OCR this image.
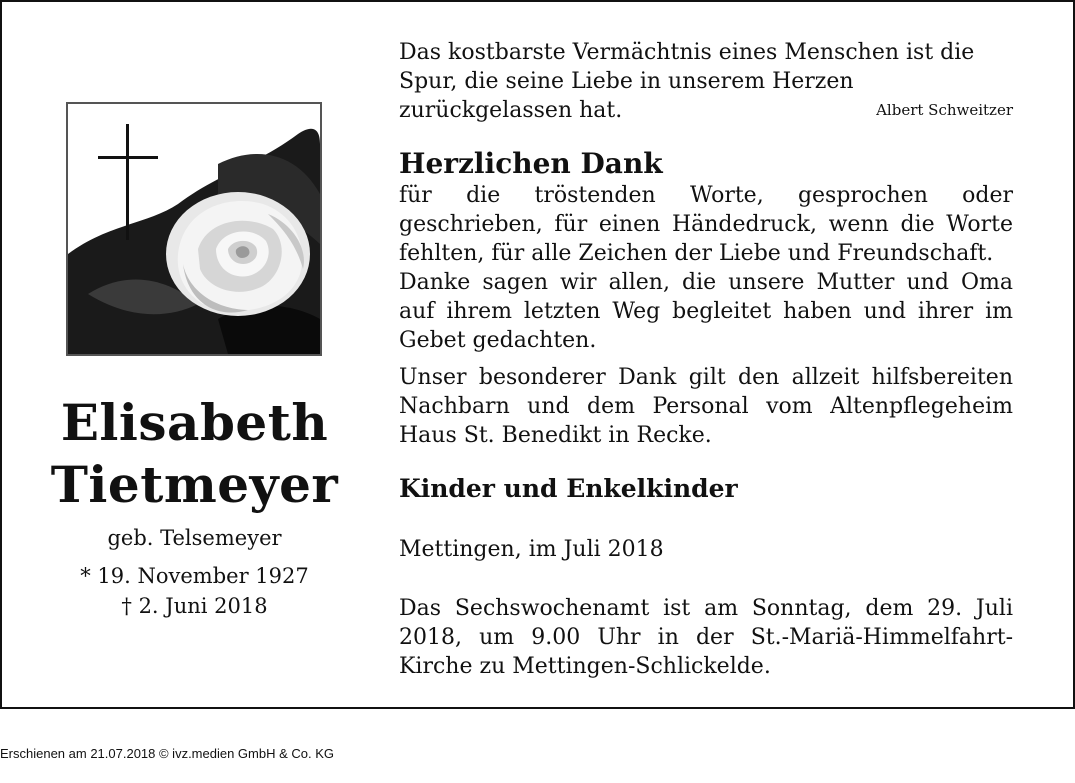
Elisabeth
Tietmeyer
geb. Telsemeyer
* 19. November 1927
† 2. Juni 2018
Das kostbarste Vermächtnis eines Menschen ist die Spur, die seine Liebe in unserem Herzen zurückgelassen hat.	Albert Schweitzer
Herzlichen Dank
für die tröstenden Worte, gesprochen oder geschrieben, für einen Händedruck, wenn die Worte fehlten, für alle Zeichen der Liebe und Freundschaft.
Danke sagen wir allen, die unsere Mutter und Oma auf ihrem letzten Weg begleitet haben und ihrer im Gebet gedachten.
Unser besonderer Dank gilt den allzeit hilfsbereiten Nachbarn und dem Personal vom Altenpflegeheim Haus St. Benedikt in Recke.
Kinder und Enkelkinder
Mettingen, im Juli 2018
Das Sechswochenamt ist am Sonntag, dem 29. Juli 2018, um 9.00 Uhr in der St.-Mariä-Himmelfahrt-Kirche zu Mettingen-Schlickelde.
Erschienen am 21.07.2018 © ivz.medien GmbH & Co. KG
